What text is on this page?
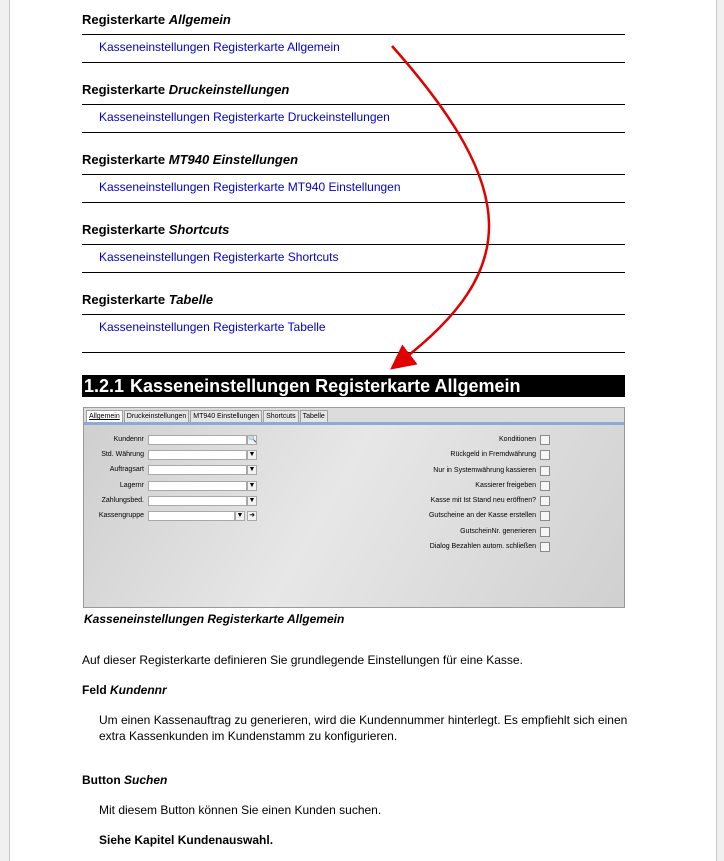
Registerkarte Allgemein
Kasseneinstellungen Registerkarte Allgemein
Registerkarte Druckeinstellungen
Kasseneinstellungen Registerkarte Druckeinstellungen
Registerkarte MT940 Einstellungen
Kasseneinstellungen Registerkarte MT940 Einstellungen
Registerkarte Shortcuts
Kasseneinstellungen Registerkarte Shortcuts
Registerkarte Tabelle
Kasseneinstellungen Registerkarte Tabelle
1.2.1 Kasseneinstellungen Registerkarte Allgemein
Allgemein	Druckeinstellungen	MT940 Einstellungen	Shortcuts	Tabelle
Kundennr	🔍
Std. Währung	▼
Auftragsart	▼
Lagernr	▼
Zahlungsbed.	▼
Kassengruppe	▼ ➜
Konditionen
Rückgeld in Fremdwährung
Nur in Systemwährung kassieren
Kassierer freigeben
Kasse mit Ist Stand neu eröffnen?
Gutscheine an der Kasse erstellen
GutscheinNr. generieren
Dialog Bezahlen autom. schließen
Kasseneinstellungen Registerkarte Allgemein
Auf dieser Registerkarte definieren Sie grundlegende Einstellungen für eine Kasse.
Feld Kundennr
Um einen Kassenauftrag zu generieren, wird die Kundennummer hinterlegt. Es empfiehlt sich einen extra Kassenkunden im Kundenstamm zu konfigurieren.
Button Suchen
Mit diesem Button können Sie einen Kunden suchen.
Siehe Kapitel Kundenauswahl.
